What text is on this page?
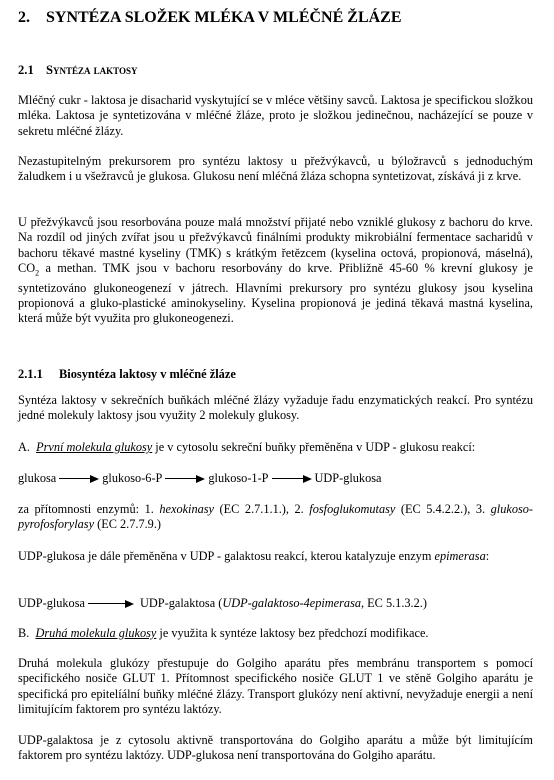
2. SYNTÉZA SLOŽEK MLÉKA V MLÉČNÉ ŽLÁZE
2.1 Syntéza laktosy

Mléčný cukr - laktosa je disacharid vyskytující se v mléce většiny savců. Laktosa je specifickou složkou mléka. Laktosa je syntetizována v mléčné žláze, proto je složkou jedinečnou, nacházející se pouze v sekretu mléčné žlázy.

Nezastupitelným prekursorem pro syntézu laktosy u přežvýkavců, u býložravců s jednoduchým žaludkem i u všežravců je glukosa. Glukosu není mléčná žláza schopna syntetizovat, získává ji z krve.

U přežvýkavců jsou resorbována pouze malá množství přijaté nebo vzniklé glukosy z bachoru do krve. Na rozdíl od jiných zvířat jsou u přežvýkavců finálními produkty mikrobiální fermentace sacharidů v bachoru těkavé mastné kyseliny (TMK) s krátkým řetězcem (kyselina octová, propionová, máselná), $CO_2$ a methan. TMK jsou v bachoru resorbovány do krve. Přibližně 45-60 % krevní glukosy je syntetizováno glukoneogenezí v játrech. Hlavními prekursory pro syntézu glukosy jsou kyselina propionová a gluko-plastické aminokyseliny. Kyselina propionová je jediná těkavá mastná kyselina, která může být využita pro glukoneogenezi.

2.1.1 Biosyntéza laktosy v mléčné žláze

Syntéza laktosy v sekrečních buňkách mléčné žlázy vyžaduje řadu enzymatických reakcí. Pro syntézu jedné molekuly laktosy jsou využity 2 molekuly glukosy.

A. První molekula glukosy je v cytosolu sekreční buňky přeměněna v UDP - glukosu reakcí:
glukosa	glukoso-6-P	glukoso-1-P	UDP-glukosa

za přítomnosti enzymů: 1. hexokinasy (EC 2.7.1.1.), 2. fosfoglukomutasy (EC 5.4.2.2.), 3. glukoso-pyrofosforylasy (EC 2.7.7.9.)

UDP-glukosa je dále přeměněna v UDP - galaktosu reakcí, kterou katalyzuje enzym epimerasa:

UDP-glukosa	UDP-galaktosa (UDP-galaktoso-4epimerasa, EC 5.1.3.2.)
B. Druhá molekula glukosy je využita k syntéze laktosy bez předchozí modifikace.

Druhá molekula glukózy přestupuje do Golgiho aparátu přes membránu transportem s pomocí specifického nosiče GLUT 1. Přítomnost specifického nosiče GLUT 1 ve stěně Golgiho aparátu je specifická pro epitelíální buňky mléčné žlázy. Transport glukózy není aktivní, nevyžaduje energii a není limitujícím faktorem pro syntézu laktózy.

UDP-galaktosa je z cytosolu aktivně transportována do Golgiho aparátu a může být limitujícím faktorem pro syntézu laktózy. UDP-glukosa není transportována do Golgiho aparátu.
